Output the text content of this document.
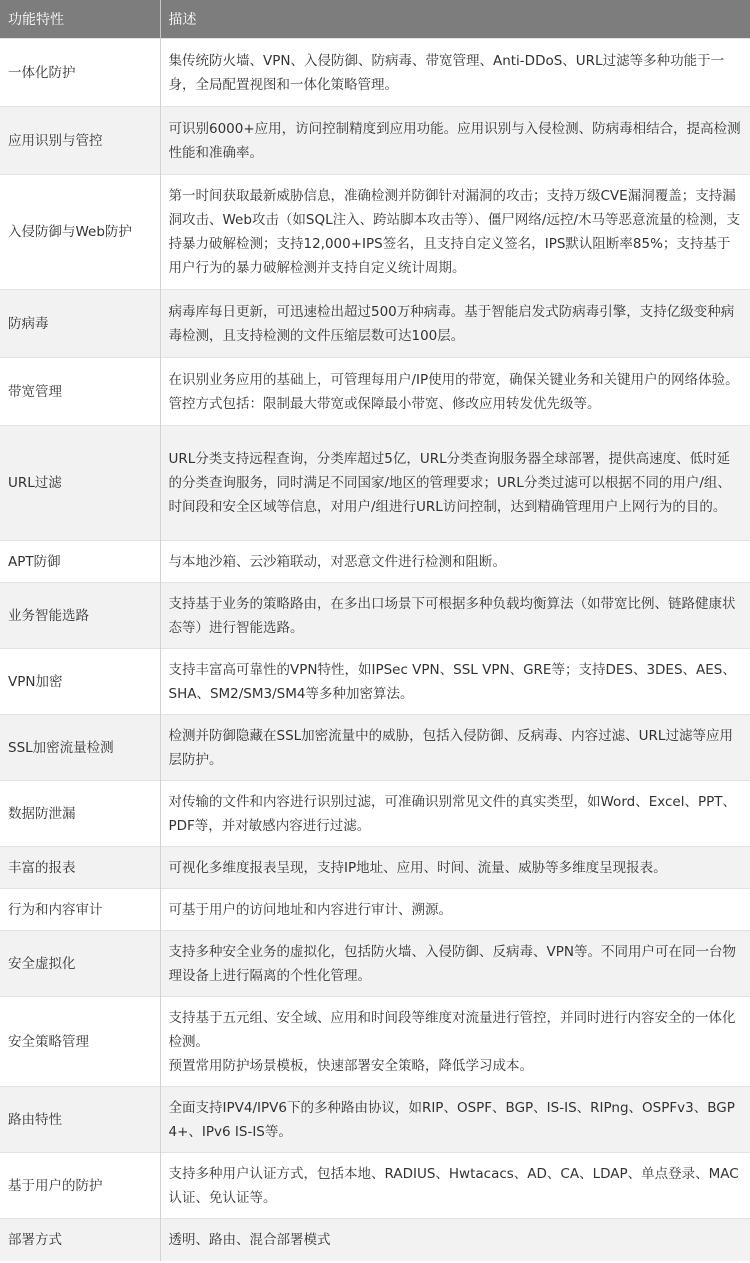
功能特性	描述
一体化防护	集传统防火墙、VPN、入侵防御、防病毒、带宽管理、Anti-DDoS、URL过滤等多种功能于一身，全局配置视图和一体化策略管理。
应用识别与管控	可识别6000+应用，访问控制精度到应用功能。应用识别与入侵检测、防病毒相结合，提高检测性能和准确率。
入侵防御与Web防护	第一时间获取最新威胁信息，准确检测并防御针对漏洞的攻击；支持万级CVE漏洞覆盖；支持漏洞攻击、Web攻击（如SQL注入、跨站脚本攻击等）、僵尸网络/远控/木马等恶意流量的检测，支持暴力破解检测；支持12,000+IPS签名，且支持自定义签名，IPS默认阻断率85%；支持基于用户行为的暴力破解检测并支持自定义统计周期。
防病毒	病毒库每日更新，可迅速检出超过500万种病毒。基于智能启发式防病毒引擎，支持亿级变种病毒检测，且支持检测的文件压缩层数可达100层。
带宽管理	在识别业务应用的基础上，可管理每用户/IP使用的带宽，确保关键业务和关键用户的网络体验。管控方式包括：限制最大带宽或保障最小带宽、修改应用转发优先级等。
URL过滤	URL分类支持远程查询，分类库超过5亿，URL分类查询服务器全球部署，提供高速度、低时延的分类查询服务，同时满足不同国家/地区的管理要求；URL分类过滤可以根据不同的用户/组、时间段和安全区域等信息，对用户/组进行URL访问控制，达到精确管理用户上网行为的目的。
APT防御	与本地沙箱、云沙箱联动，对恶意文件进行检测和阻断。
业务智能选路	支持基于业务的策略路由，在多出口场景下可根据多种负载均衡算法（如带宽比例、链路健康状态等）进行智能选路。
VPN加密	支持丰富高可靠性的VPN特性，如IPSec VPN、SSL VPN、GRE等；支持DES、3DES、AES、SHA、SM2/SM3/SM4等多种加密算法。
SSL加密流量检测	检测并防御隐藏在SSL加密流量中的威胁，包括入侵防御、反病毒、内容过滤、URL过滤等应用层防护。
数据防泄漏	对传输的文件和内容进行识别过滤，可准确识别常见文件的真实类型，如Word、Excel、PPT、PDF等，并对敏感内容进行过滤。
丰富的报表	可视化多维度报表呈现，支持IP地址、应用、时间、流量、威胁等多维度呈现报表。
行为和内容审计	可基于用户的访问地址和内容进行审计、溯源。
安全虚拟化	支持多种安全业务的虚拟化，包括防火墙、入侵防御、反病毒、VPN等。不同用户可在同一台物理设备上进行隔离的个性化管理。
安全策略管理	支持基于五元组、安全域、应用和时间段等维度对流量进行管控，并同时进行内容安全的一体化检测。
预置常用防护场景模板，快速部署安全策略，降低学习成本。
路由特性	全面支持IPV4/IPV6下的多种路由协议，如RIP、OSPF、BGP、IS-IS、RIPng、OSPFv3、BGP4+、IPv6 IS-IS等。
基于用户的防护	支持多种用户认证方式，包括本地、RADIUS、Hwtacacs、AD、CA、LDAP、单点登录、MAC认证、免认证等。
部署方式	透明、路由、混合部署模式
